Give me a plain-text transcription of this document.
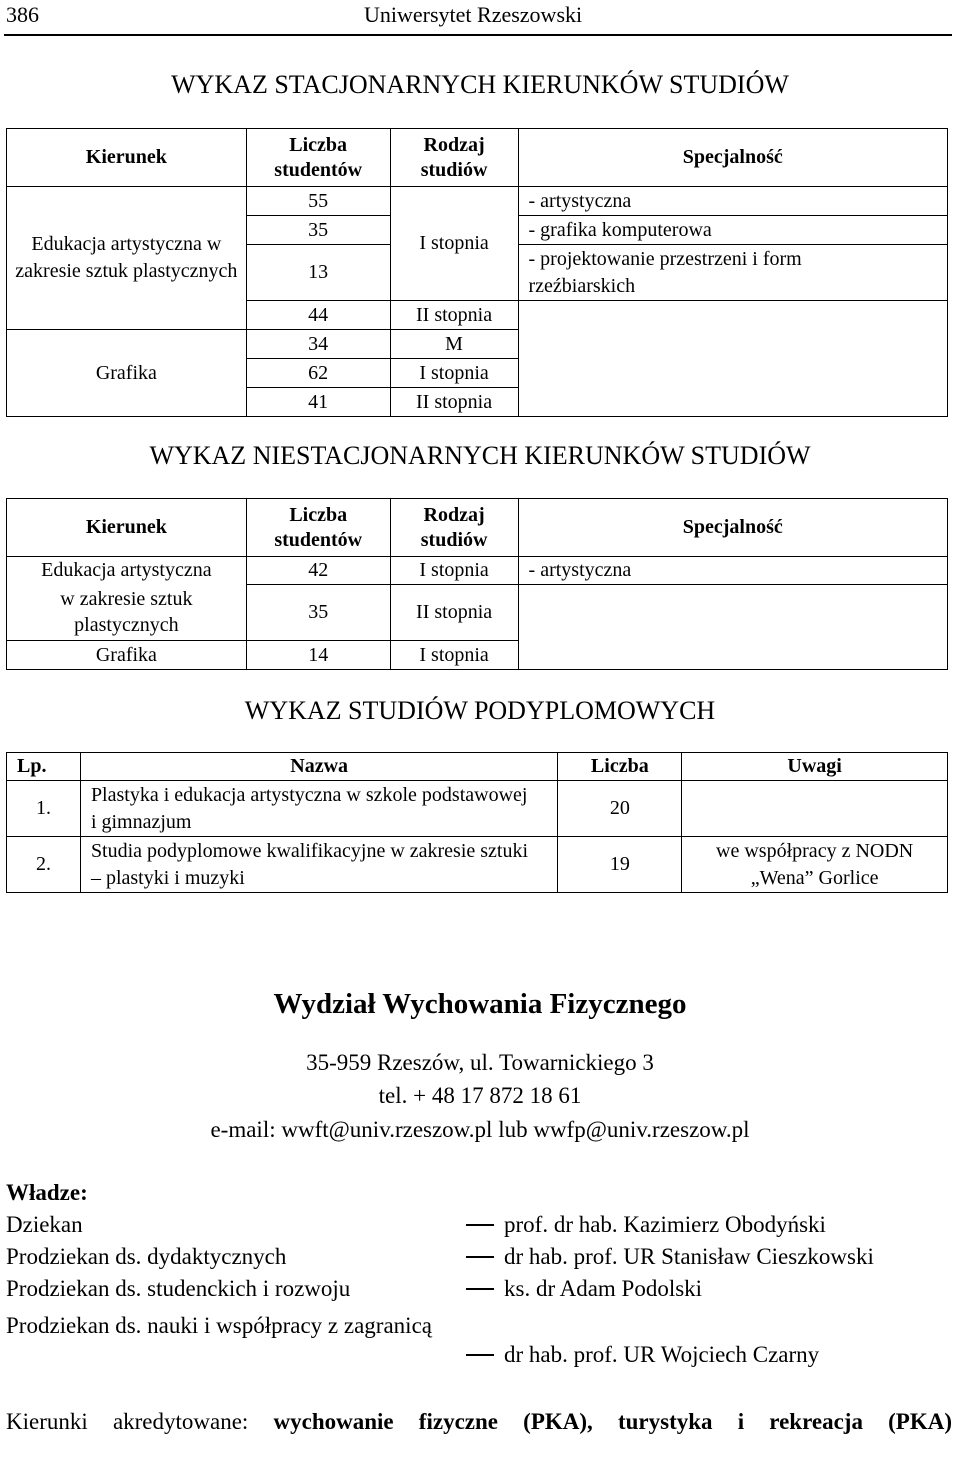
386	Uniwersytet Rzeszowski
WYKAZ STACJONARNYCH KIERUNKÓW STUDIÓW
Kierunek	Liczba studentów	Rodzaj studiów	Specjalność
Edukacja artystyczna w zakresie sztuk plastycznych	55	I stopnia	- artystyczna
	35		- grafika komputerowa
	13		- projektowanie przestrzeni i form rzeźbiarskich
	44	II stopnia	
Grafika	34	M	
	62	I stopnia	
	41	II stopnia	
WYKAZ NIESTACJONARNYCH KIERUNKÓW STUDIÓW
Kierunek	Liczba studentów	Rodzaj studiów	Specjalność
Edukacja artystyczna	42	I stopnia	- artystyczna
w zakresie sztuk plastycznych	35	II stopnia	
Grafika	14	I stopnia	
WYKAZ STUDIÓW PODYPLOMOWYCH
Lp.	Nazwa	Liczba	Uwagi
1.	Plastyka i edukacja artystyczna w szkole podstawowej i gimnazjum	20	
2.	Studia podyplomowe kwalifikacyjne w zakresie sztuki – plastyki i muzyki	19	we współpracy z NODN „Wena” Gorlice
Wydział Wychowania Fizycznego
35-959 Rzeszów, ul. Towarnickiego 3
tel. + 48 17 872 18 61
e-mail: wwft@univ.rzeszow.pl lub wwfp@univ.rzeszow.pl
Władze:
Dziekan	prof. dr hab. Kazimierz Obodyński
Prodziekan ds. dydaktycznych	dr hab. prof. UR Stanisław Cieszkowski
Prodziekan ds. studenckich i rozwoju	ks. dr Adam Podolski
Prodziekan ds. nauki i współpracy z zagranicą
dr hab. prof. UR Wojciech Czarny
Kierunki akredytowane: wychowanie fizyczne (PKA), turystyka i rekreacja (PKA)
